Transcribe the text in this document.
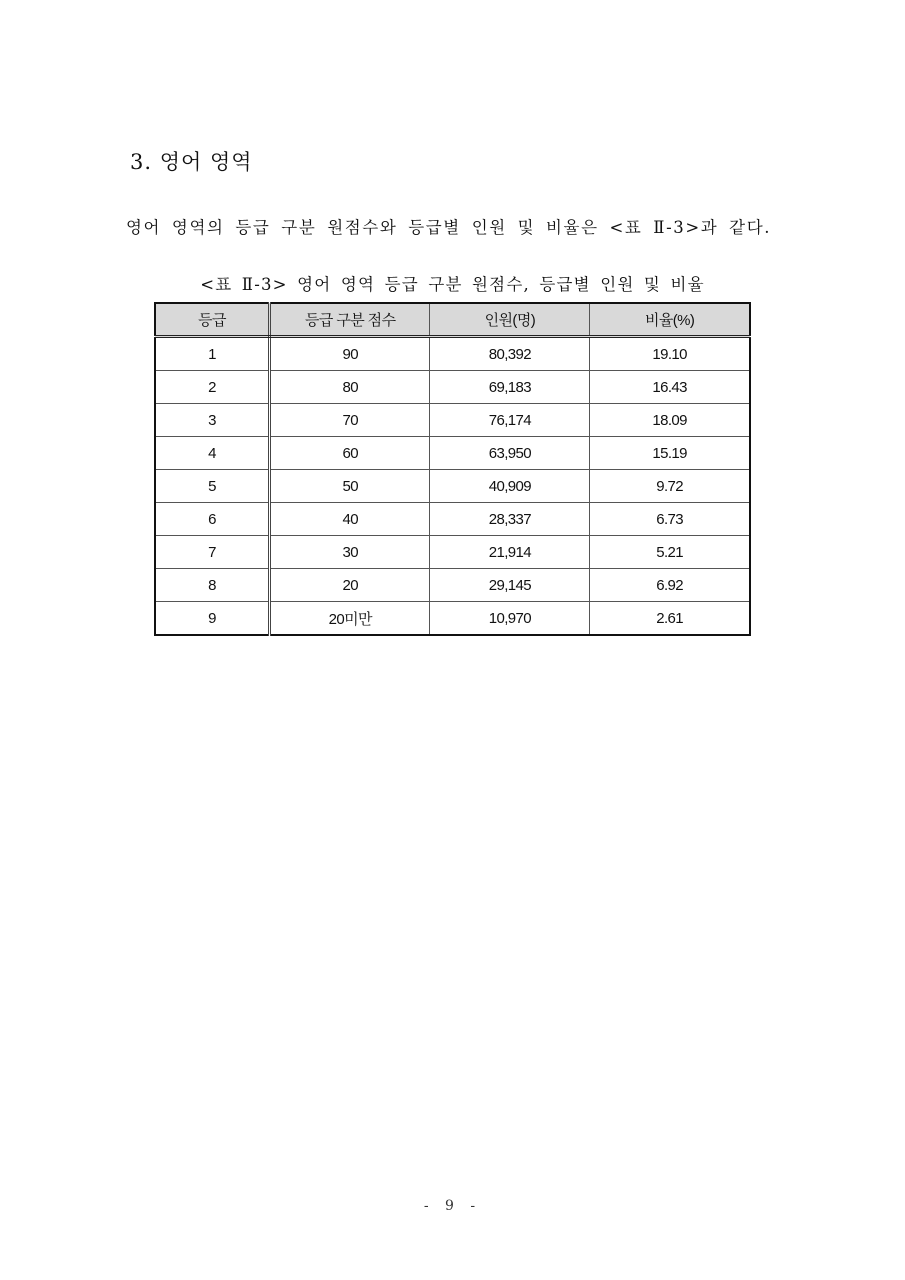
3. 영어 영역

영어 영역의 등급 구분 원점수와 등급별 인원 및 비율은 <표 Ⅱ-3>과 같다.

<표 Ⅱ-3> 영어 영역 등급 구분 원점수, 등급별 인원 및 비율

등급	등급 구분 점수	인원(명)	비율(%)
1	90	80,392	19.10
2	80	69,183	16.43
3	70	76,174	18.09
4	60	63,950	15.19
5	50	40,909	9.72
6	40	28,337	6.73
7	30	21,914	5.21
8	20	29,145	6.92
9	20미만	10,970	2.61

- 9 -
